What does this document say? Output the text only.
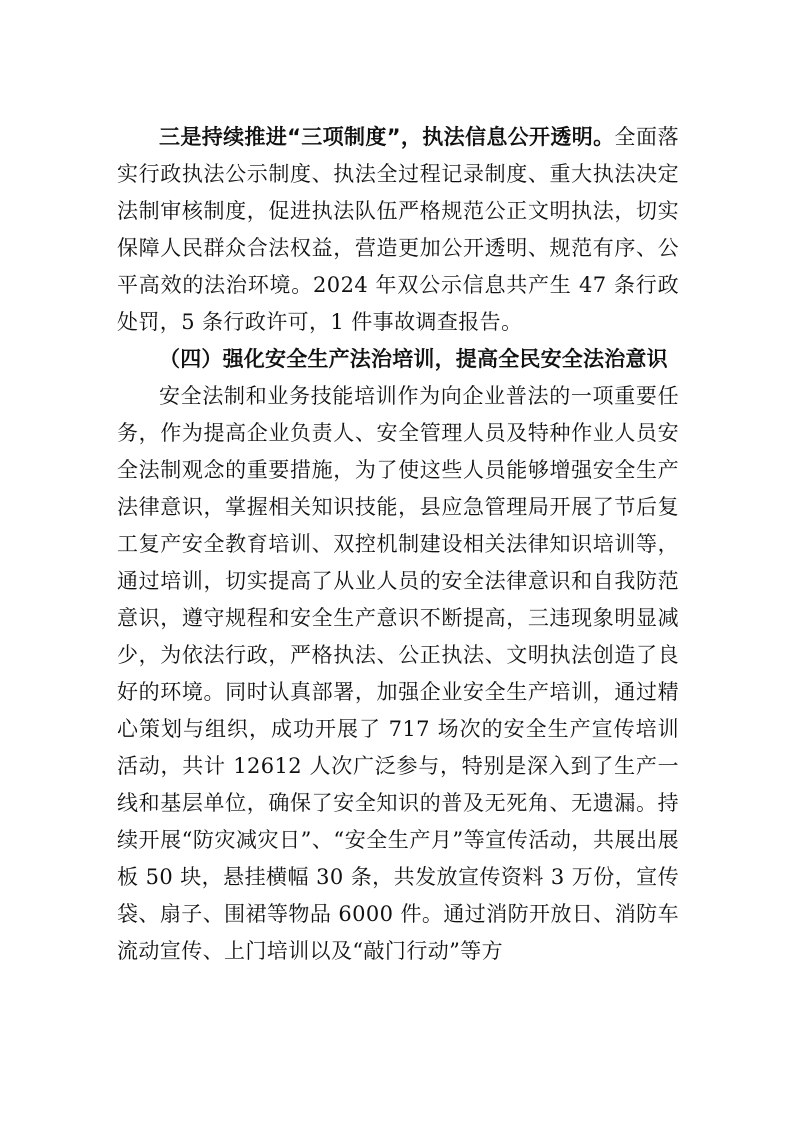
三是持续推进“三项制度”，执法信息公开透明。全面落实行政执法公示制度、执法全过程记录制度、重大执法决定法制审核制度，促进执法队伍严格规范公正文明执法，切实保障人民群众合法权益，营造更加公开透明、规范有序、公平高效的法治环境。2024 年双公示信息共产生 47 条行政处罚，5 条行政许可，1 件事故调查报告。

（四）强化安全生产法治培训，提高全民安全法治意识

安全法制和业务技能培训作为向企业普法的一项重要任务，作为提高企业负责人、安全管理人员及特种作业人员安全法制观念的重要措施，为了使这些人员能够增强安全生产法律意识，掌握相关知识技能，县应急管理局开展了节后复工复产安全教育培训、双控机制建设相关法律知识培训等，通过培训，切实提高了从业人员的安全法律意识和自我防范意识，遵守规程和安全生产意识不断提高，三违现象明显减少，为依法行政，严格执法、公正执法、文明执法创造了良好的环境。同时认真部署，加强企业安全生产培训，通过精心策划与组织，成功开展了 717 场次的安全生产宣传培训活动，共计 12612 人次广泛参与，特别是深入到了生产一线和基层单位，确保了安全知识的普及无死角、无遗漏。持续开展“防灾减灾日”、“安全生产月”等宣传活动，共展出展板 50 块，悬挂横幅 30 条，共发放宣传资料 3 万份，宣传袋、扇子、围裙等物品 6000 件。通过消防开放日、消防车流动宣传、上门培训以及“敲门行动”等方
